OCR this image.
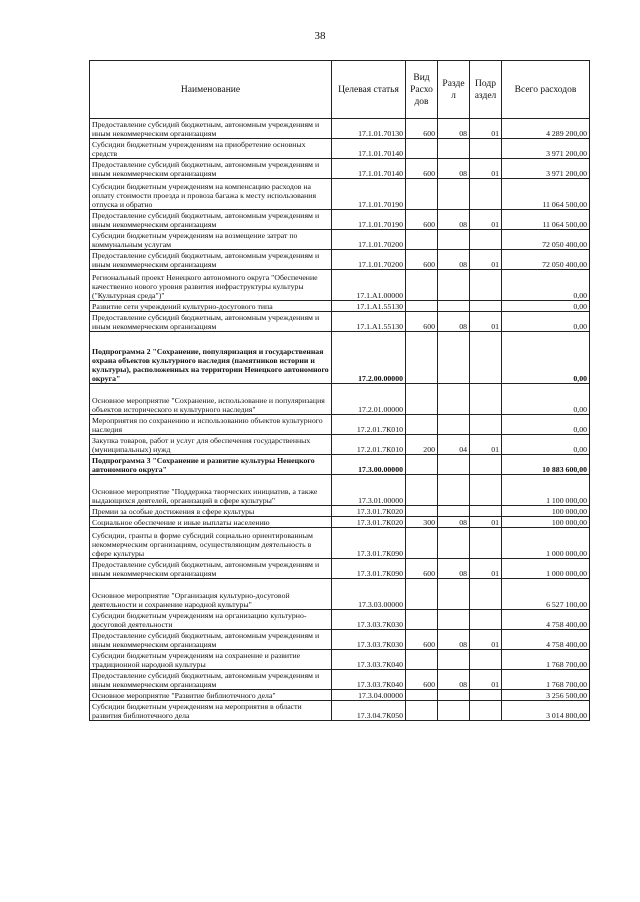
38
Наименование	Целевая статья	Вид Расхо дов	Разде л	Подр аздел	Всего расходов
Предоставление субсидий бюджетным, автономным учреждениям и иным некоммерческим организациям	17.1.01.70130	600	08	01	4 289 200,00
Субсидии бюджетным учреждениям на приобретение основных средств	17.1.01.70140				3 971 200,00
Предоставление субсидий бюджетным, автономным учреждениям и иным некоммерческим организациям	17.1.01.70140	600	08	01	3 971 200,00
Субсидии бюджетным учреждениям на компенсацию расходов на оплату стоимости проезда и провоза багажа к месту использования отпуска и обратно	17.1.01.70190				11 064 500,00
Предоставление субсидий бюджетным, автономным учреждениям и иным некоммерческим организациям	17.1.01.70190	600	08	01	11 064 500,00
Субсидии бюджетным учреждениям на возмещение затрат по коммунальным услугам	17.1.01.70200				72 050 400,00
Предоставление субсидий бюджетным, автономным учреждениям и иным некоммерческим организациям	17.1.01.70200	600	08	01	72 050 400,00
Региональный проект Ненецкого автономного округа "Обеспечение качественно нового уровня развития инфраструктуры культуры ("Культурная среда")"	17.1.А1.00000				0,00
Развитие сети учреждений культурно-досугового типа	17.1.А1.55130				0,00
Предоставление субсидий бюджетным, автономным учреждениям и иным некоммерческим организациям	17.1.А1.55130	600	08	01	0,00
Подпрограмма 2 "Сохранение, популяризация и государственная охрана объектов культурного наследия (памятников истории и культуры), расположенных на территории Ненецкого автономного округа"	17.2.00.00000				0,00
Основное мероприятие "Сохранение, использование и популяризация объектов исторического и культурного наследия"	17.2.01.00000				0,00
Мероприятия по сохранению и использованию объектов культурного наследия	17.2.01.7К010				0,00
Закупка товаров, работ и услуг для обеспечения государственных (муниципальных) нужд	17.2.01.7К010	200	04	01	0,00
Подпрограмма 3 "Сохранение и развитие культуры Ненецкого автономного округа"	17.3.00.00000				10 883 600,00
Основное мероприятие "Поддержка творческих инициатив, а также выдающихся деятелей, организаций в сфере культуры"	17.3.01.00000				1 100 000,00
Премии за особые достижения в сфере культуры	17.3.01.7К020				100 000,00
Социальное обеспечение и иные выплаты населению	17.3.01.7К020	300	08	01	100 000,00
Субсидии, гранты в форме субсидий социально ориентированным некоммерческим организациям, осуществляющим деятельность в сфере культуры	17.3.01.7К090				1 000 000,00
Предоставление субсидий бюджетным, автономным учреждениям и иным некоммерческим организациям	17.3.01.7К090	600	08	01	1 000 000,00
Основное мероприятие "Организация культурно-досуговой деятельности и сохранение народной культуры"	17.3.03.00000				6 527 100,00
Субсидии бюджетным учреждениям на организацию культурно-досуговой деятельности	17.3.03.7К030				4 758 400,00
Предоставление субсидий бюджетным, автономным учреждениям и иным некоммерческим организациям	17.3.03.7К030	600	08	01	4 758 400,00
Субсидии бюджетным учреждениям на сохранение и развитие традиционной народной культуры	17.3.03.7К040				1 768 700,00
Предоставление субсидий бюджетным, автономным учреждениям и иным некоммерческим организациям	17.3.03.7К040	600	08	01	1 768 700,00
Основное мероприятие "Развитие библиотечного дела"	17.3.04.00000				3 256 500,00
Субсидии бюджетным учреждениям на мероприятия в области развития библиотечного дела	17.3.04.7К050				3 014 800,00
